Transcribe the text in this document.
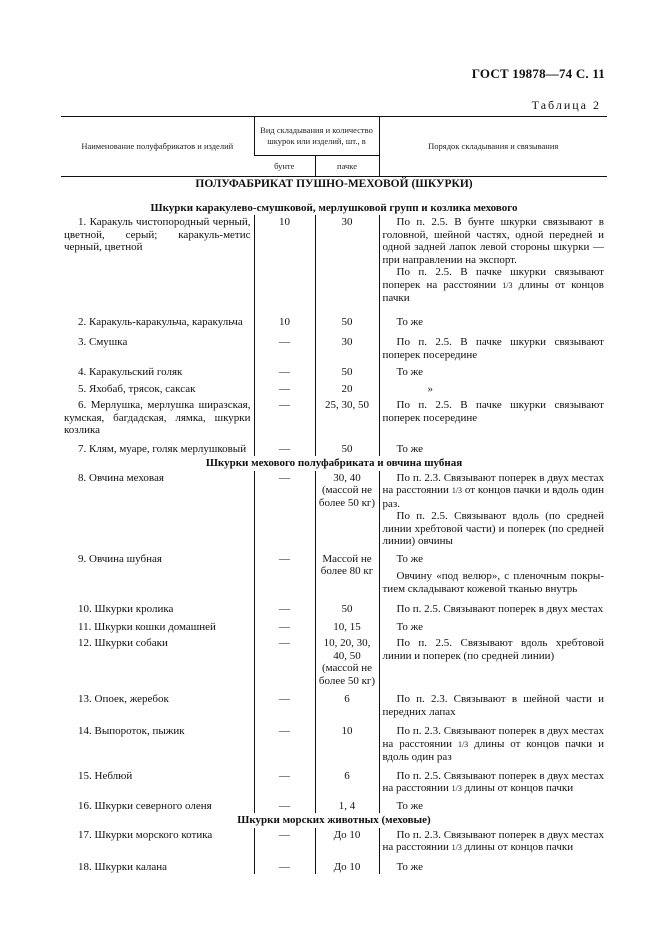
ГОСТ 19878—74 С. 11
Таблица 2
Наименование полуфабрикатов и изделий	Вид складывания и количество шкурок или изделий, шт., в		Порядок складывания и связывания
	бунте	пачке	
ПОЛУФАБРИКАТ ПУШНО-МЕХОВОЙ (ШКУРКИ)			
Шкурки каракулево-смушковой, мерлушковой групп и козлика мехового			
1. Каракуль чистопородный черный, цветной, серый; каракуль-метис черный, цветной	10	30	По п. 2.5. В бунте шкурки связывают в головной, шейной частях, одной передней и одной задней лапок левой стороны шкурки — при направлении на экспорт.
По п. 2.5. В пачке шкурки связывают поперек на расстоянии 1/3 длины от концов пачки

2. Каракуль-каракульча, каракульча	10	50	То же
3. Смушка	—	30	По п. 2.5. В пачке шкурки связывают поперек посередине
4. Каракульский голяк	—	50	То же
5. Яхобаб, трясок, саксак	—	20	»
6. Мерлушка, мерлушка ширазская, кумская, багдадская, лямка, шкурки козлика	—	25, 30, 50	По п. 2.5. В пачке шкурки связывают поперек посередине
7. Клям, муаре, голяк мерлушковый	—	50	То же
Шкурки мехового полуфабриката и овчина шубная			
8. Овчина меховая	—	30, 40 (массой не более 50 кг)	По п. 2.3. Связывают поперек в двух местах на расстоянии 1/3 от концов пачки и вдоль один раз.
По п. 2.5. Связывают вдоль (по средней линии хребтовой части) и поперек (по средней линии) овчины

9. Овчина шубная	—	Массой не более 80 кг	То же
Овчину «под велюр», с пленочным покрытием складывают кожевой тканью внутрь

10. Шкурки кролика	—	50	По п. 2.5. Связывают поперек в двух местах
11. Шкурки кошки домашней	—	10, 15	То же
12. Шкурки собаки	—	10, 20, 30, 40, 50 (массой не более 50 кг)	По п. 2.5. Связывают вдоль хребтовой линии и поперек (по средней линии)
13. Опоек, жеребок	—	6	По п. 2.3. Связывают в шейной части и передних лапах
14. Выпороток, пыжик	—	10	По п. 2.3. Связывают поперек в двух местах на расстоянии 1/3 длины от концов пачки и вдоль один раз
15. Неблюй	—	6	По п. 2.5. Связывают поперек в двух местах на расстоянии 1/3 длины от концов пачки
16. Шкурки северного оленя	—	1, 4	То же
Шкурки морских животных (меховые)			
17. Шкурки морского котика	—	До 10	По п. 2.3. Связывают поперек в двух местах на расстоянии 1/3 длины от концов пачки
18. Шкурки калана	—	До 10	То же
